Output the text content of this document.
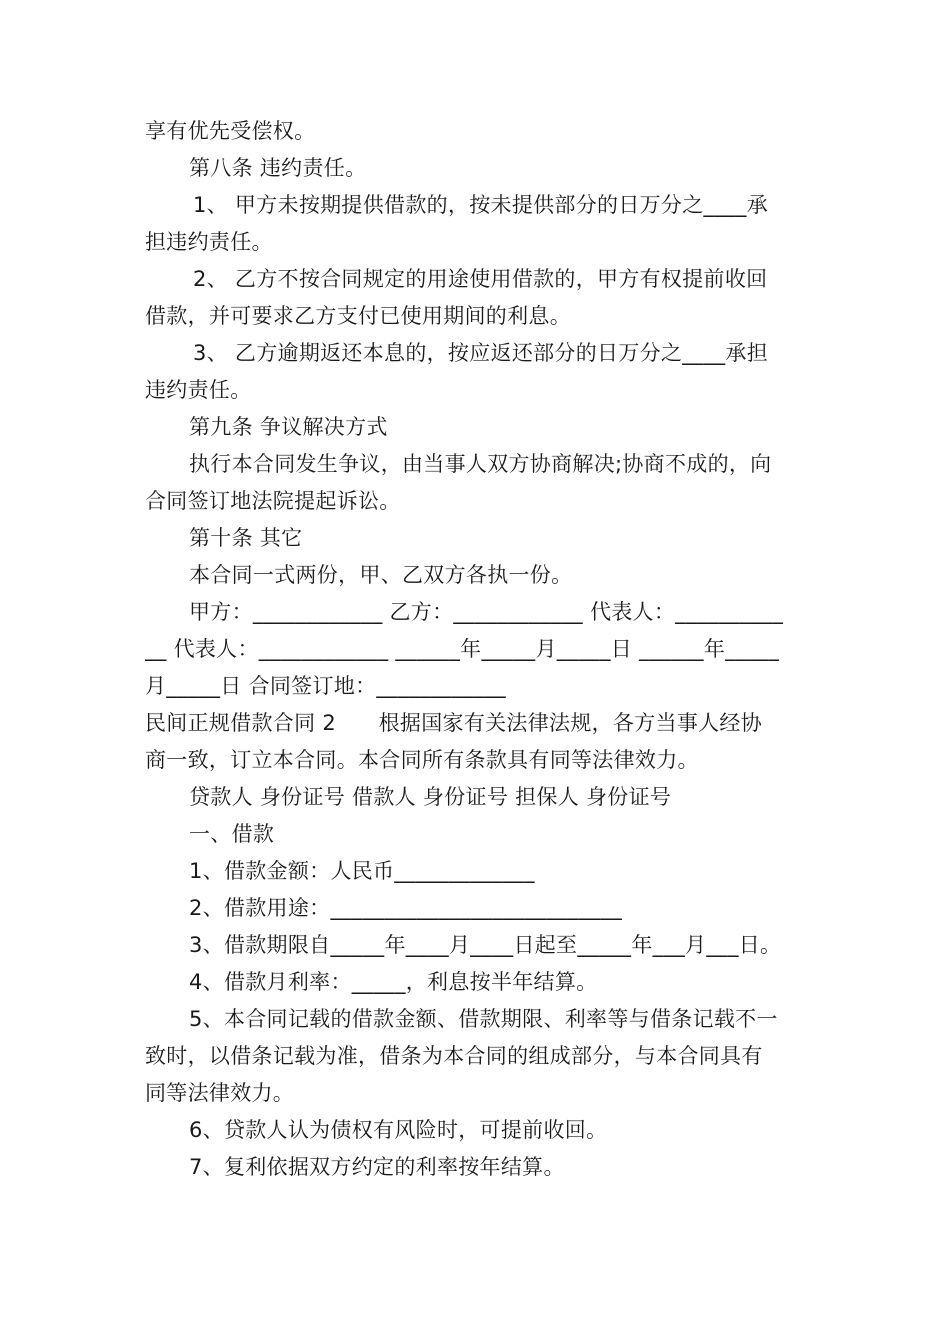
享有优先受偿权。
第八条 违约责任。
1、 甲方未按期提供借款的，按未提供部分的日万分之____承
担违约责任。
2、 乙方不按合同规定的用途使用借款的，甲方有权提前收回
借款，并可要求乙方支付已使用期间的利息。
3、 乙方逾期返还本息的，按应返还部分的日万分之____承担
违约责任。
第九条 争议解决方式
执行本合同发生争议，由当事人双方协商解决;协商不成的，向
合同签订地法院提起诉讼。
第十条 其它
本合同一式两份，甲、乙双方各执一份。
甲方：____________ 乙方：____________ 代表人：__________
__ 代表人：____________ ______年_____月_____日 ______年_____
月_____日 合同签订地：____________
民间正规借款合同 2　　根据国家有关法律法规，各方当事人经协
商一致，订立本合同。本合同所有条款具有同等法律效力。
贷款人 身份证号 借款人 身份证号 担保人 身份证号
一、借款
1、借款金额：人民币_____________
2、借款用途：___________________________
3、借款期限自_____年____月____日起至_____年___月___日。
4、借款月利率：_____，利息按半年结算。
5、本合同记载的借款金额、借款期限、利率等与借条记载不一
致时，以借条记载为准，借条为本合同的组成部分，与本合同具有
同等法律效力。
6、贷款人认为债权有风险时，可提前收回。
7、复利依据双方约定的利率按年结算。
